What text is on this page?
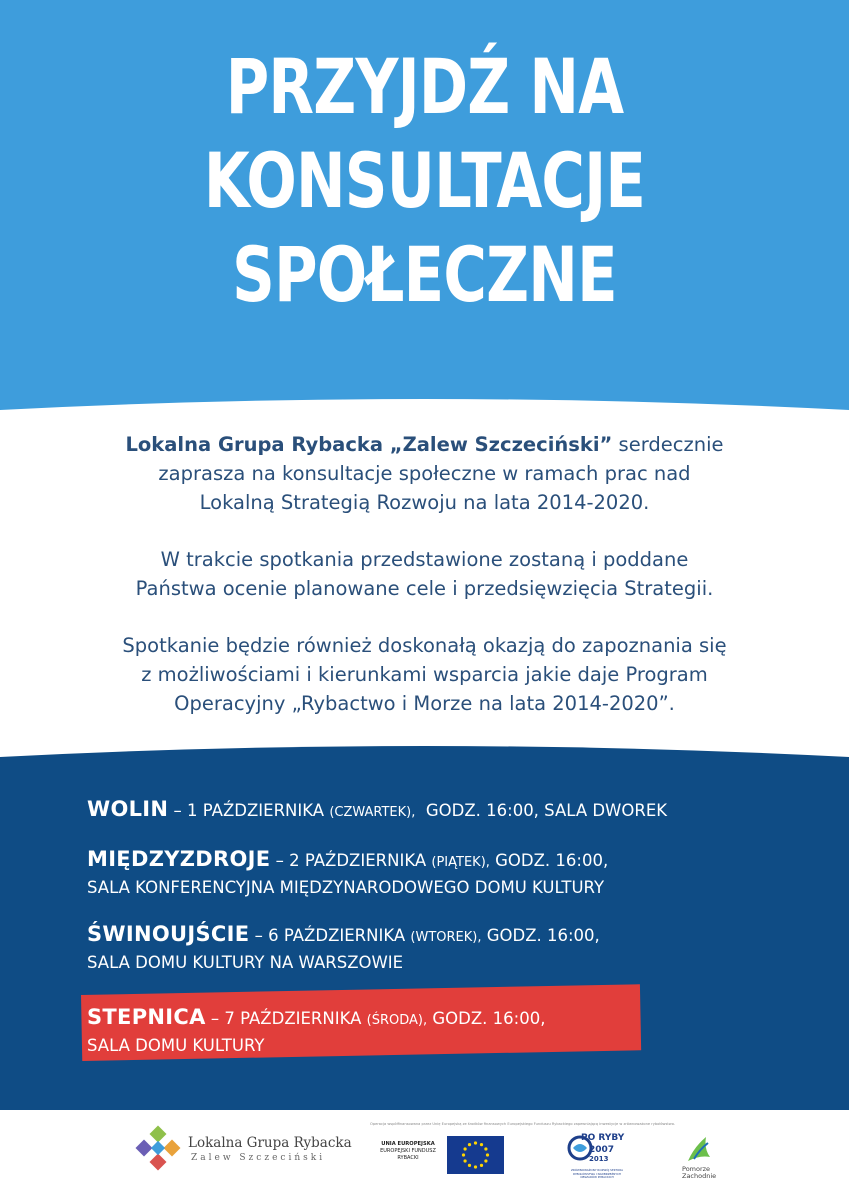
PRZYJDŹ NA
KONSULTACJE
SPOŁECZNE

Lokalna Grupa Rybacka „Zalew Szczeciński” serdecznie
zaprasza na konsultacje społeczne w ramach prac nad
Lokalną Strategią Rozwoju na lata 2014-2020.

W trakcie spotkania przedstawione zostaną i poddane
Państwa ocenie planowane cele i przedsięwzięcia Strategii.

Spotkanie będzie również doskonałą okazją do zapoznania się
z możliwościami i kierunkami wsparcia jakie daje Program
Operacyjny „Rybactwo i Morze na lata 2014-2020”.

WOLIN – 1 PAŹDZIERNIKA (CZWARTEK),  GODZ. 16:00, SALA DWOREK
MIĘDZYZDROJE – 2 PAŹDZIERNIKA (PIĄTEK), GODZ. 16:00,
SALA KONFERENCYJNA MIĘDZYNARODOWEGO DOMU KULTURY
ŚWINOUJŚCIE – 6 PAŹDZIERNIKA (WTOREK), GODZ. 16:00,
SALA DOMU KULTURY NA WARSZOWIE
STEPNICA – 7 PAŹDZIERNIKA (ŚRODA), GODZ. 16:00,
SALA DOMU KULTURY
Lokalna Grupa Rybacka
Zalew Szczeciński
Operacja współfinansowana przez Unię Europejską ze środków finansowych Europejskiego Funduszu Rybackiego zapewniającą inwestycje w zrównoważone rybołówstwo.
UNIA EUROPEJSKA
EUROPEJSKI FUNDUSZ
RYBACKI
PO RYBY
2007
2013
ZRÓWNOWAŻONY ROZWÓJ SEKTORA RYBOŁÓWSTWA I NADBRZEŻNYCH OBSZARÓW RYBACKICH
Pomorze
Zachodnie
